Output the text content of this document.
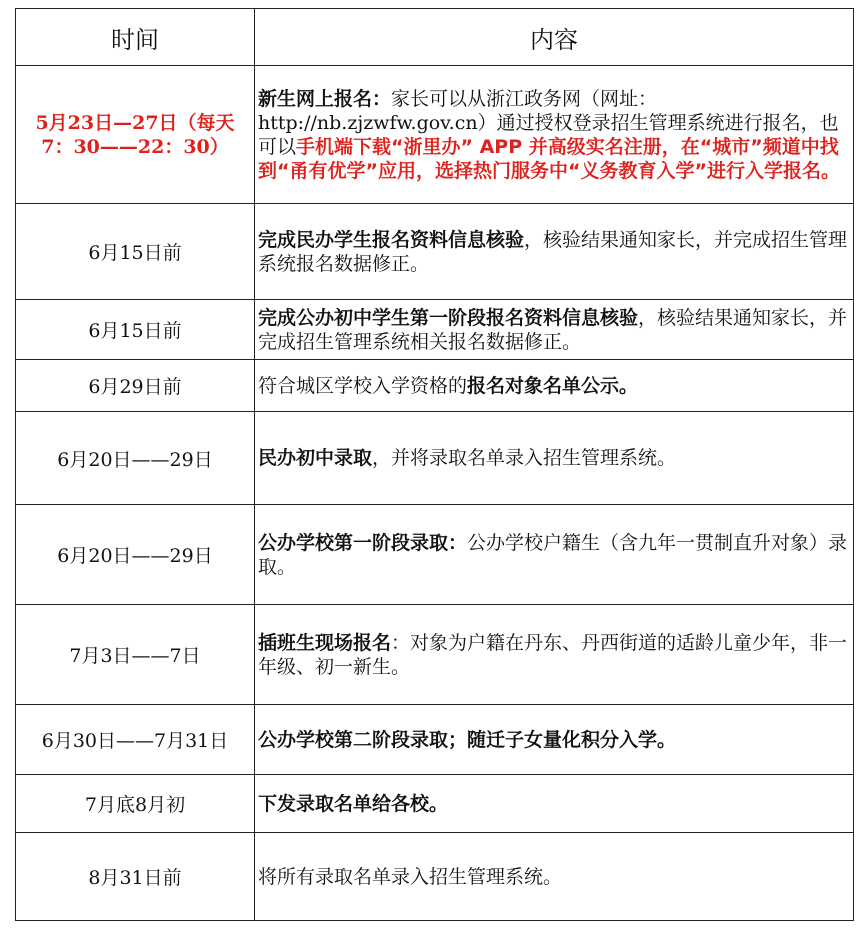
时间	内容
5月23日—27日（每天7：30——22：30）	新生网上报名：家长可以从浙江政务网（网址：http://nb.zjzwfw.gov.cn）通过授权登录招生管理系统进行报名，也可以手机端下载“浙里办” APP 并高级实名注册，在“城市”频道中找到“甬有优学”应用，选择热门服务中“义务教育入学”进行入学报名。
6月15日前	完成民办学生报名资料信息核验，核验结果通知家长，并完成招生管理系统报名数据修正。
6月15日前	完成公办初中学生第一阶段报名资料信息核验，核验结果通知家长，并完成招生管理系统相关报名数据修正。
6月29日前	符合城区学校入学资格的报名对象名单公示。
6月20日——29日	民办初中录取，并将录取名单录入招生管理系统。
6月20日——29日	公办学校第一阶段录取：公办学校户籍生（含九年一贯制直升对象）录取。
7月3日——7日	插班生现场报名：对象为户籍在丹东、丹西街道的适龄儿童少年，非一年级、初一新生。
6月30日——7月31日	公办学校第二阶段录取；随迁子女量化积分入学。
7月底8月初	下发录取名单给各校。
8月31日前	将所有录取名单录入招生管理系统。
